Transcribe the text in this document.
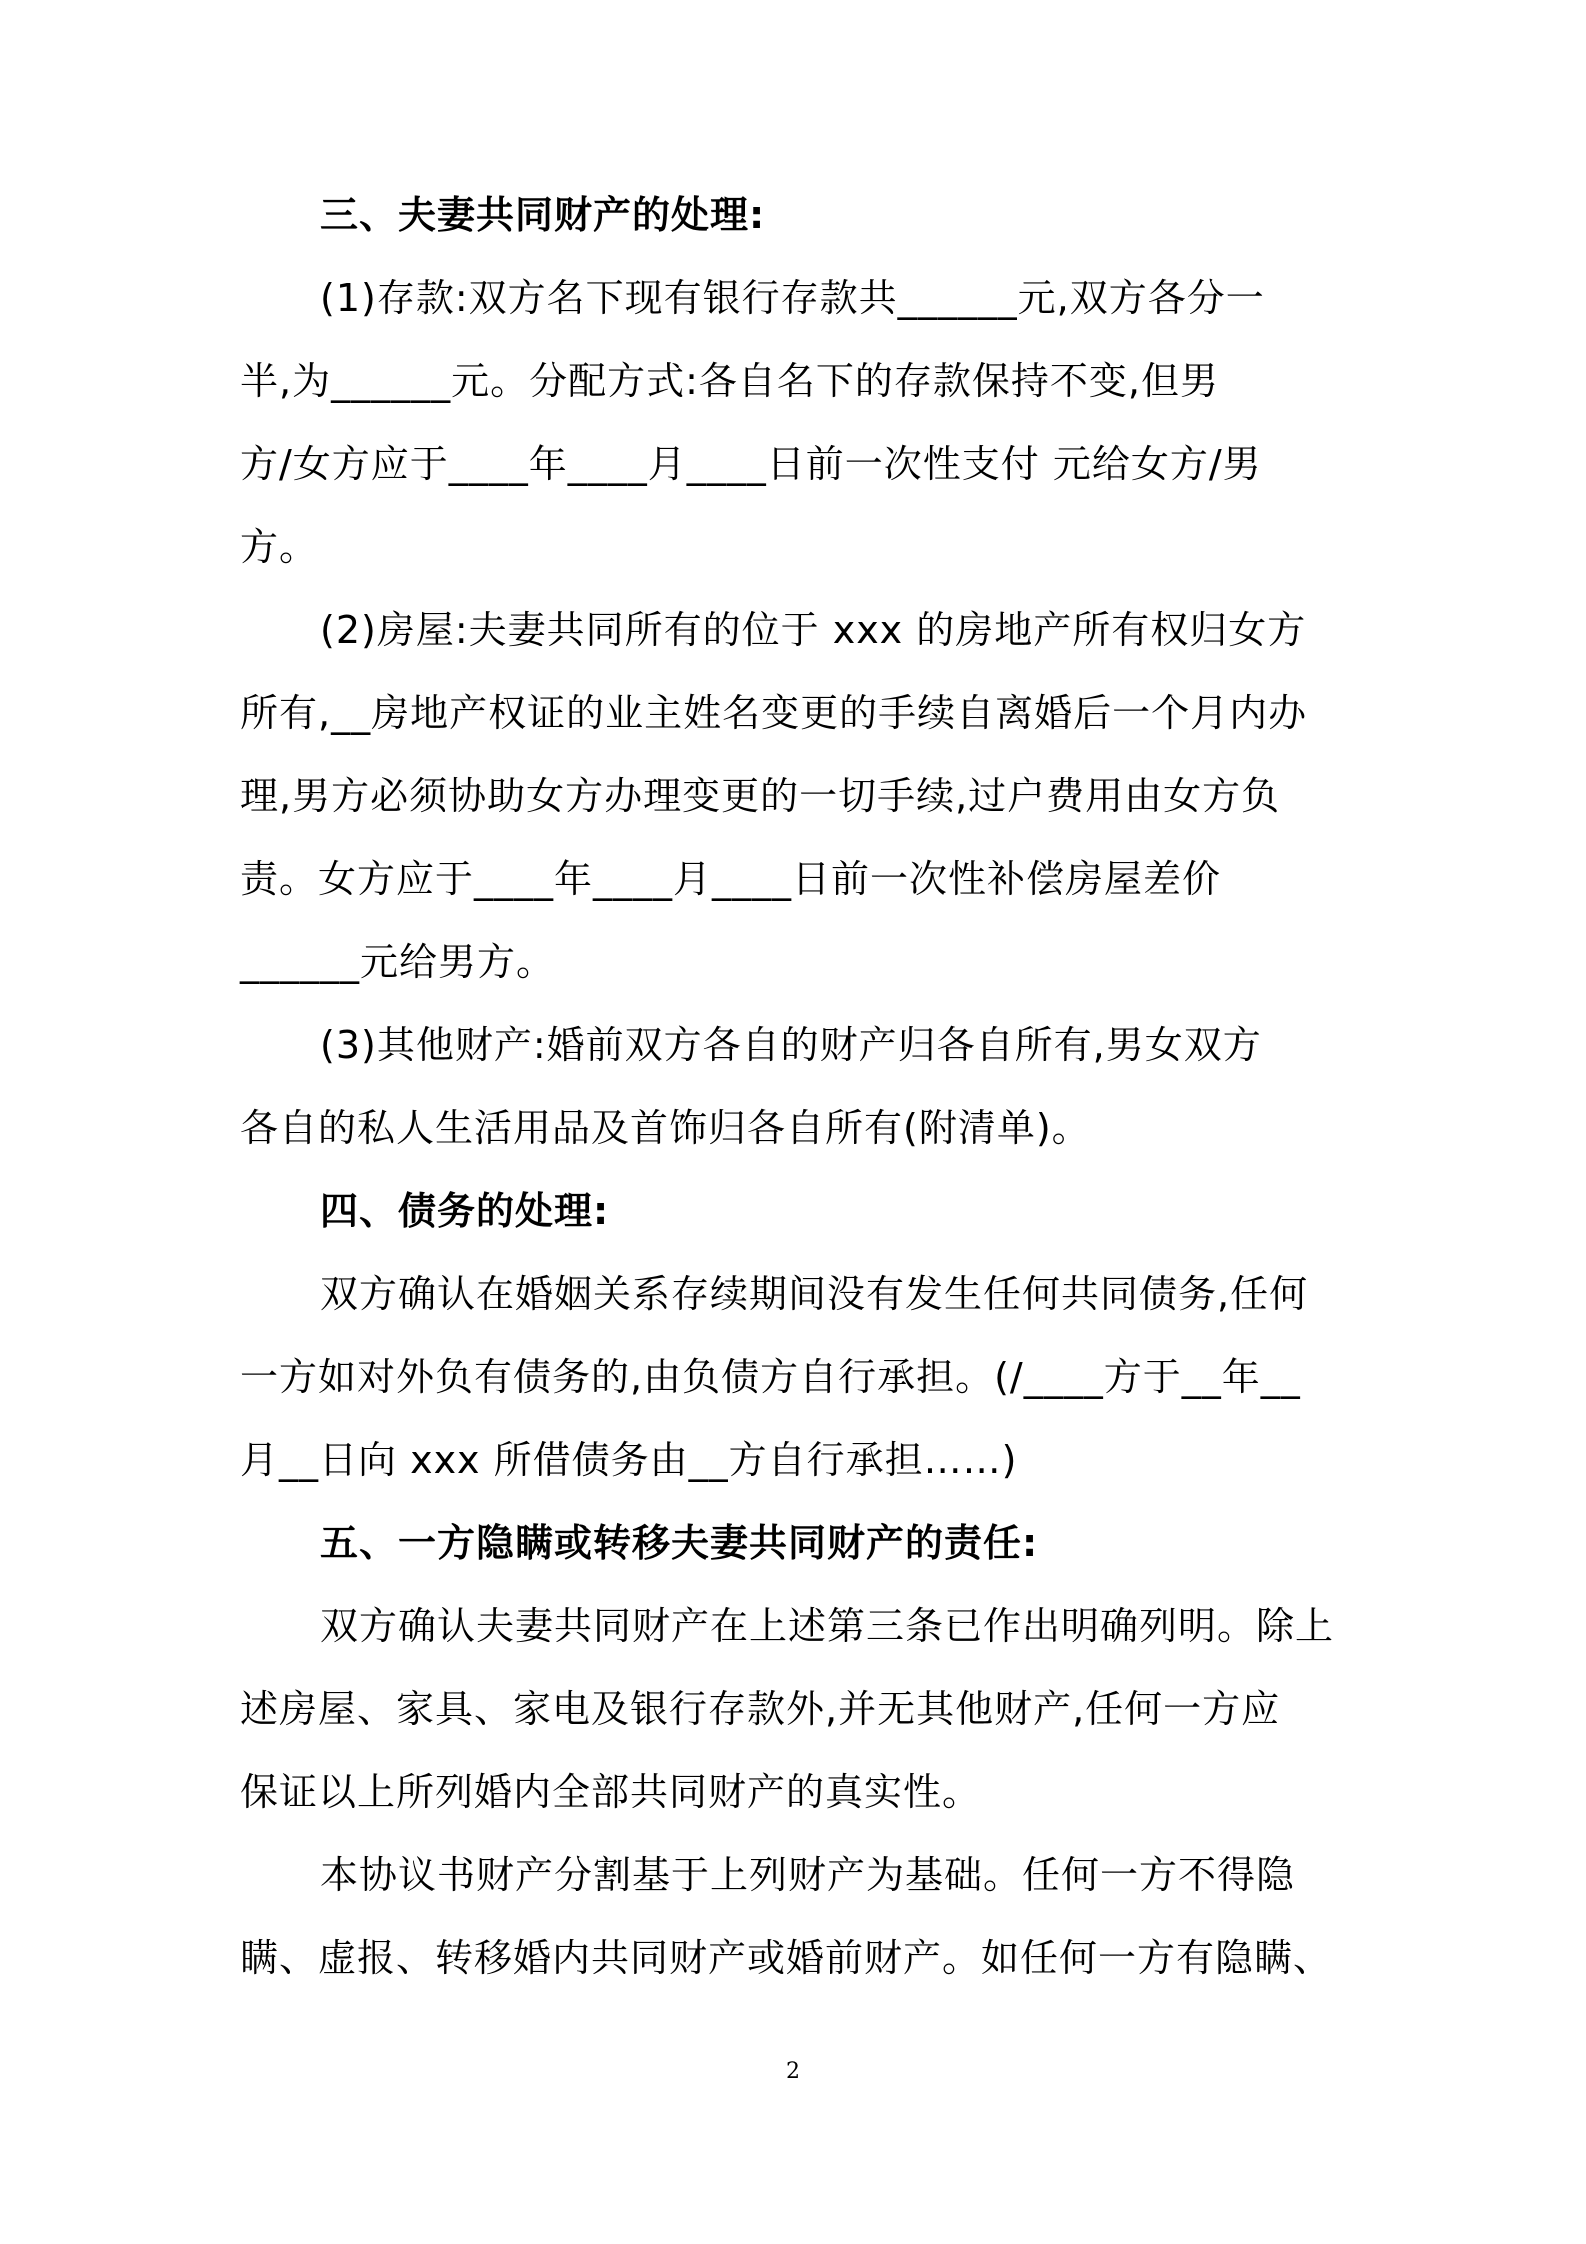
三、夫妻共同财产的处理:
(1)存款:双方名下现有银行存款共______元,双方各分一
半,为______元。分配方式:各自名下的存款保持不变,但男
方/女方应于____年____月____日前一次性支付 元给女方/男
方。
(2)房屋:夫妻共同所有的位于 xxx 的房地产所有权归女方
所有,__房地产权证的业主姓名变更的手续自离婚后一个月内办
理,男方必须协助女方办理变更的一切手续,过户费用由女方负
责。女方应于____年____月____日前一次性补偿房屋差价
______元给男方。
(3)其他财产:婚前双方各自的财产归各自所有,男女双方
各自的私人生活用品及首饰归各自所有(附清单)。
四、债务的处理:
双方确认在婚姻关系存续期间没有发生任何共同债务,任何
一方如对外负有债务的,由负债方自行承担。(/____方于__年__
月__日向 xxx 所借债务由__方自行承担……)
五、一方隐瞒或转移夫妻共同财产的责任:
双方确认夫妻共同财产在上述第三条已作出明确列明。除上
述房屋、家具、家电及银行存款外,并无其他财产,任何一方应
保证以上所列婚内全部共同财产的真实性。
本协议书财产分割基于上列财产为基础。任何一方不得隐
瞒、虚报、转移婚内共同财产或婚前财产。如任何一方有隐瞒、
2
